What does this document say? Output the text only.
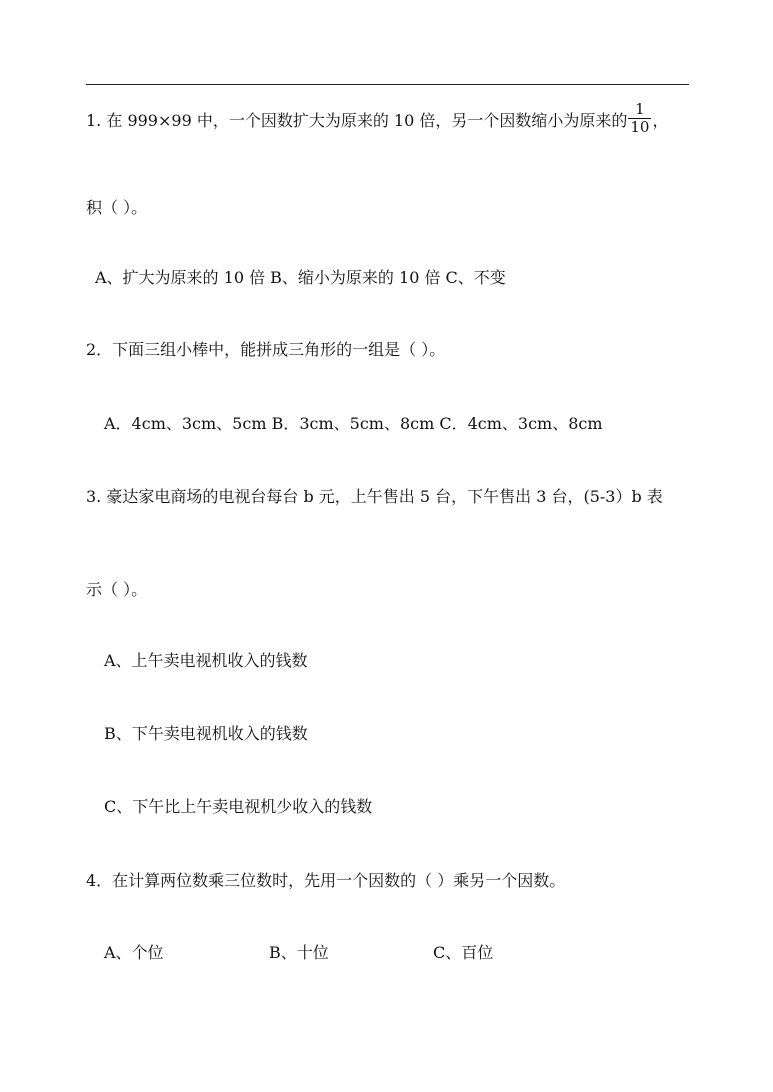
1. 在 999×99 中，一个因数扩大为原来的 10 倍，另一个因数缩小为原来的 $\frac{1}{10}$ ，
积（ ）。
A、扩大为原来的 10 倍 B、缩小为原来的 10 倍 C、不变
2．下面三组小棒中，能拼成三角形的一组是（ ）。
A．4cm、3cm、5cm B．3cm、5cm、8cm C．4cm、3cm、8cm
3. 豪达家电商场的电视台每台 b 元，上午售出 5 台，下午售出 3 台，(5-3）b 表
示（ ）。
A、上午卖电视机收入的钱数
B、下午卖电视机收入的钱数
C、下午比上午卖电视机少收入的钱数
4．在计算两位数乘三位数时，先用一个因数的（ ）乘另一个因数。
A、个位	B、十位	C、百位
